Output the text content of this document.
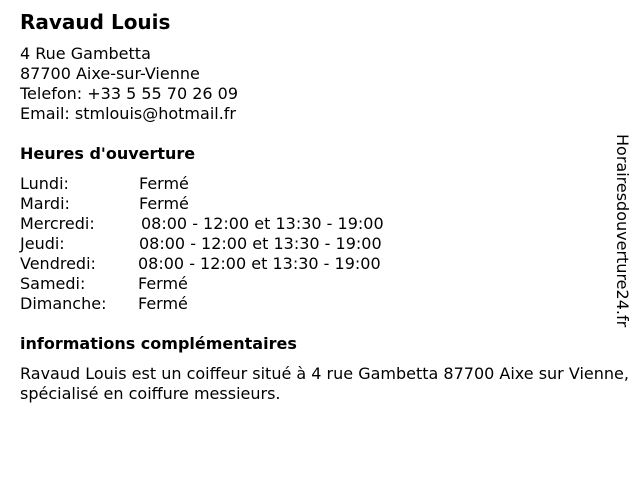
Ravaud Louis
4 Rue Gambetta
87700 Aixe-sur-Vienne
Telefon: +33 5 55 70 26 09
Email: stmlouis@hotmail.fr
Heures d'ouverture
Lundi:	Fermé
Mardi:	Fermé
Mercredi:	08:00 - 12:00 et 13:30 - 19:00
Jeudi:	08:00 - 12:00 et 13:30 - 19:00
Vendredi:	08:00 - 12:00 et 13:30 - 19:00
Samedi:	Fermé
Dimanche: Fermé
informations complémentaires

Ravaud Louis est un coiffeur situé à 4 rue Gambetta 87700 Aixe sur Vienne, spécialisé en coiffure messieurs.

Horairesdouverture24.fr
